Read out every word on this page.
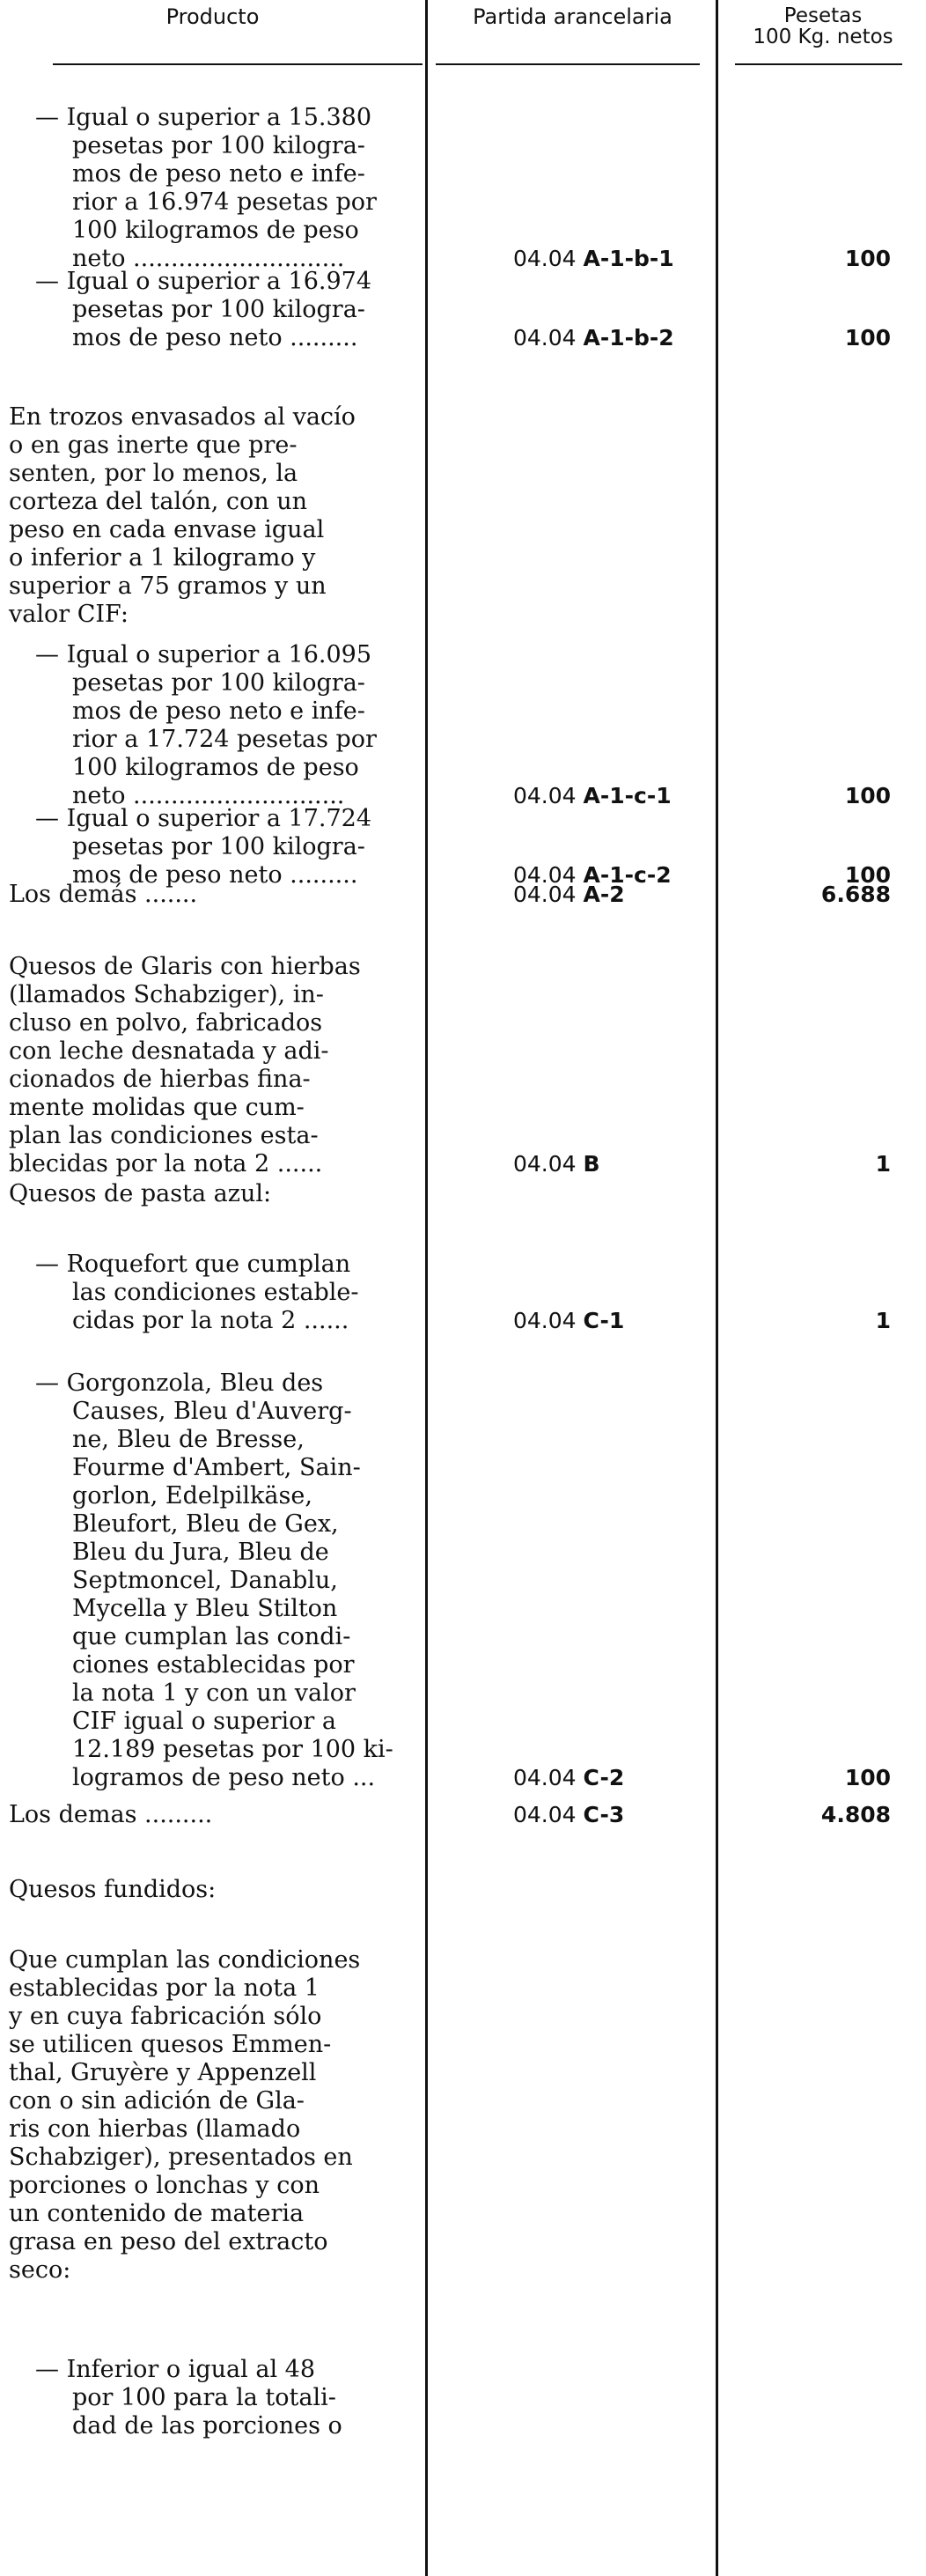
Producto	Partida arancelaria	Pesetas
100 Kg. netos
— Igual o superior a 15.380
pesetas por 100 kilogra-
mos de peso neto e infe-
rior a 16.974 pesetas por
100 kilogramos de peso
neto ............................	04.04 A-1-b-1	100
— Igual o superior a 16.974
pesetas por 100 kilogra-
mos de peso neto .........	04.04 A-1-b-2	100
En trozos envasados al vacío
o en gas inerte que pre-
senten, por lo menos, la
corteza del talón, con un
peso en cada envase igual
o inferior a 1 kilogramo y
superior a 75 gramos y un
valor CIF:
— Igual o superior a 16.095
pesetas por 100 kilogra-
mos de peso neto e infe-
rior a 17.724 pesetas por
100 kilogramos de peso
neto ............................	04.04 A-1-c-1	100
— Igual o superior a 17.724
pesetas por 100 kilogra-
mos de peso neto .........	04.04 A-1-c-2	100
Los demás .......	04.04 A-2	6.688
Quesos de Glaris con hierbas
(llamados Schabziger), in-
cluso en polvo, fabricados
con leche desnatada y adi-
cionados de hierbas fina-
mente molidas que cum-
plan las condiciones esta-
blecidas por la nota 2 ......	04.04 B	1
Quesos de pasta azul:
— Roquefort que cumplan
las condiciones estable-
cidas por la nota 2 ......	04.04 C-1	1
— Gorgonzola, Bleu des
Causes, Bleu d'Auverg-
ne, Bleu de Bresse,
Fourme d'Ambert, Sain-
gorlon, Edelpilkäse,
Bleufort, Bleu de Gex,
Bleu du Jura, Bleu de
Septmoncel, Danablu,
Mycella y Bleu Stilton
que cumplan las condi-
ciones establecidas por
la nota 1 y con un valor
CIF igual o superior a
12.189 pesetas por 100 ki-
logramos de peso neto ...	04.04 C-2	100
Los demas .........	04.04 C-3	4.808
Quesos fundidos:
Que cumplan las condiciones
establecidas por la nota 1
y en cuya fabricación sólo
se utilicen quesos Emmen-
thal, Gruyère y Appenzell
con o sin adición de Gla-
ris con hierbas (llamado
Schabziger), presentados en
porciones o lonchas y con
un contenido de materia
grasa en peso del extracto
seco:
— Inferior o igual al 48
por 100 para la totali-
dad de las porciones o
